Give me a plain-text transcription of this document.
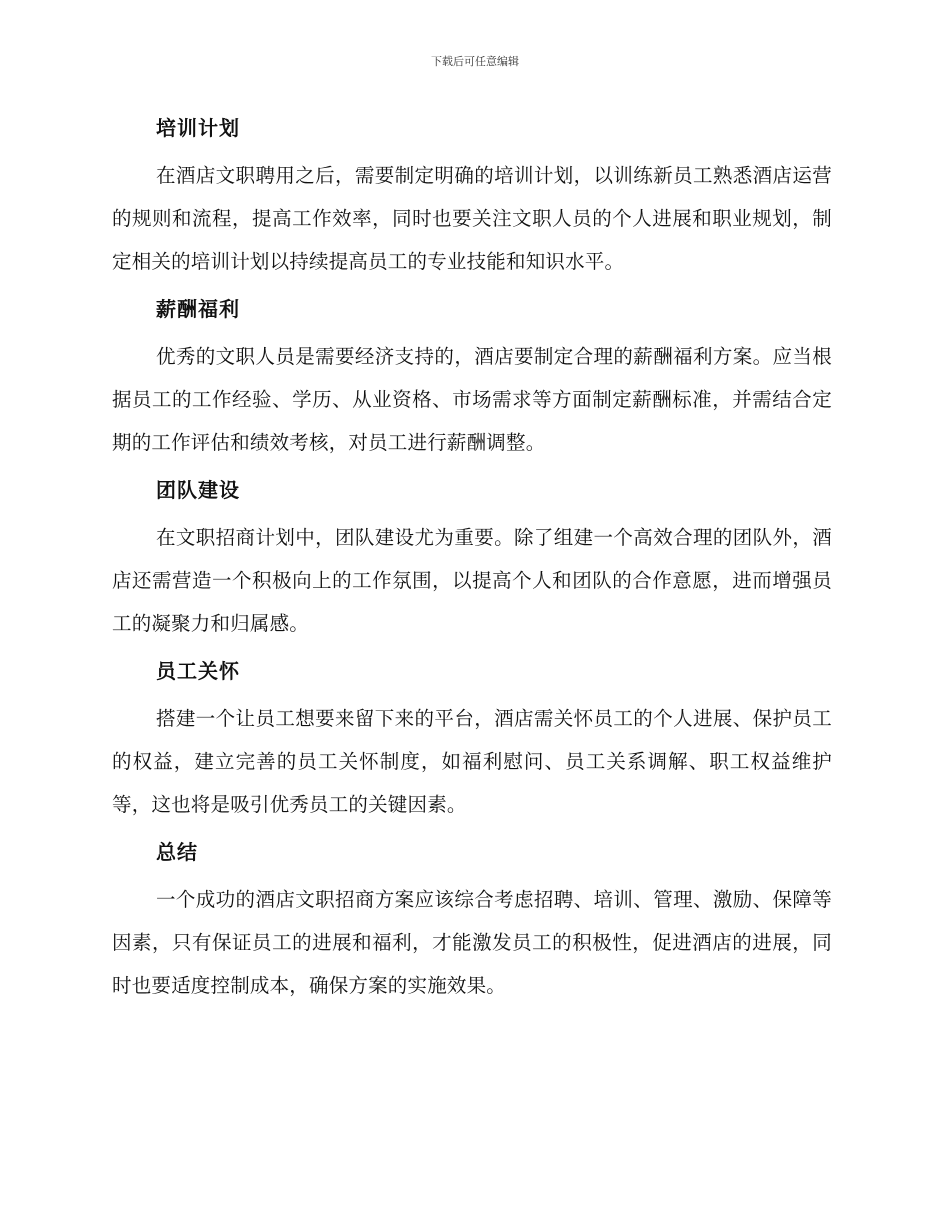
下载后可任意编辑
培训计划

在酒店文职聘用之后，需要制定明确的培训计划，以训练新员工熟悉酒店运营的规则和流程，提高工作效率，同时也要关注文职人员的个人进展和职业规划，制定相关的培训计划以持续提高员工的专业技能和知识水平。

薪酬福利

优秀的文职人员是需要经济支持的，酒店要制定合理的薪酬福利方案。应当根据员工的工作经验、学历、从业资格、市场需求等方面制定薪酬标准，并需结合定期的工作评估和绩效考核，对员工进行薪酬调整。

团队建设

在文职招商计划中，团队建设尤为重要。除了组建一个高效合理的团队外，酒店还需营造一个积极向上的工作氛围，以提高个人和团队的合作意愿，进而增强员工的凝聚力和归属感。

员工关怀

搭建一个让员工想要来留下来的平台，酒店需关怀员工的个人进展、保护员工的权益，建立完善的员工关怀制度，如福利慰问、员工关系调解、职工权益维护等，这也将是吸引优秀员工的关键因素。

总结

一个成功的酒店文职招商方案应该综合考虑招聘、培训、管理、激励、保障等因素，只有保证员工的进展和福利，才能激发员工的积极性，促进酒店的进展，同时也要适度控制成本，确保方案的实施效果。
